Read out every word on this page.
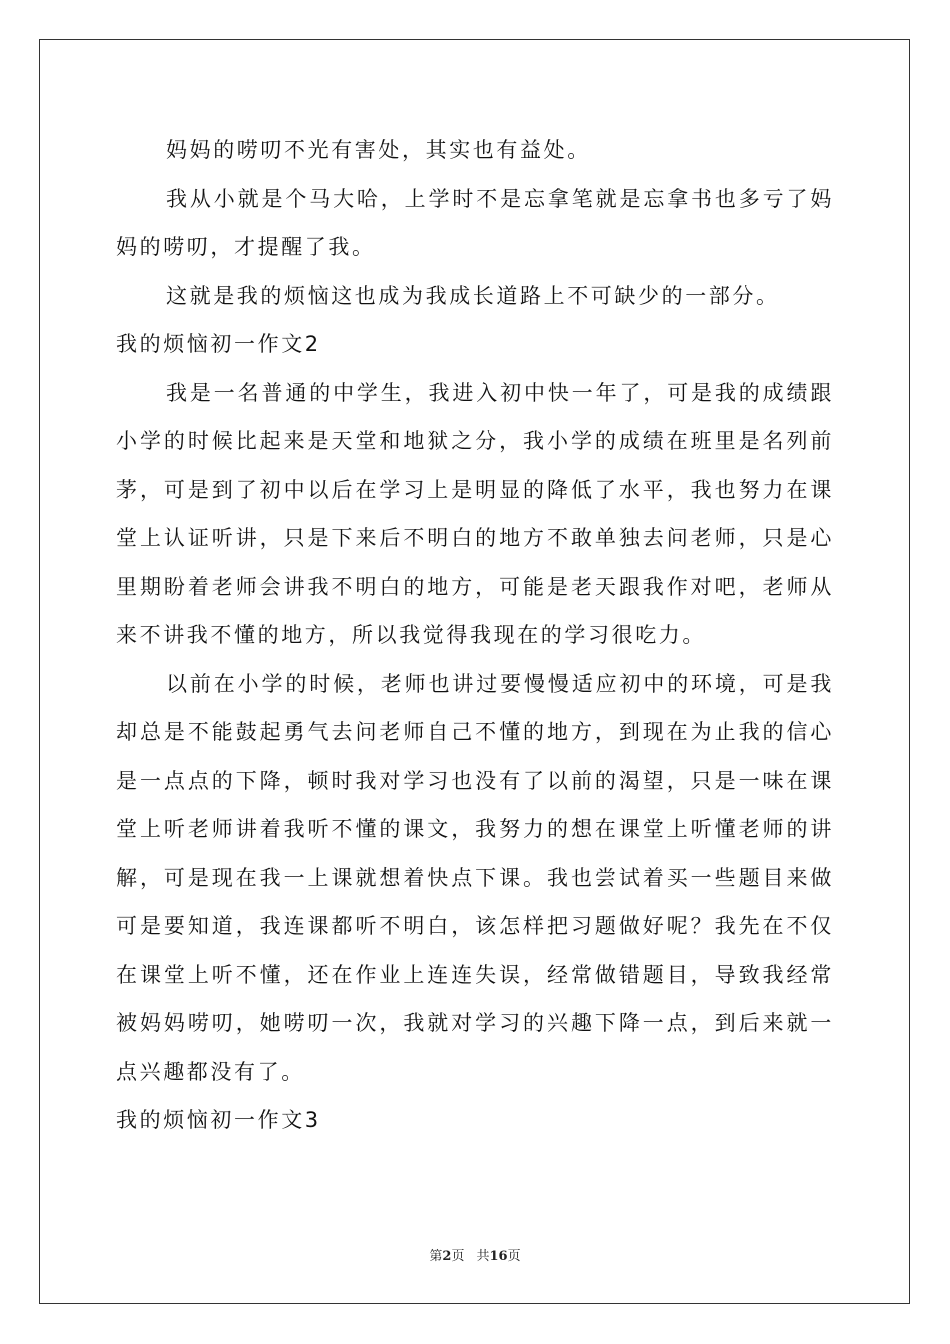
妈妈的唠叨不光有害处，其实也有益处。

我从小就是个马大哈，上学时不是忘拿笔就是忘拿书也多亏了妈妈的唠叨，才提醒了我。

这就是我的烦恼这也成为我成长道路上不可缺少的一部分。

我的烦恼初一作文2

我是一名普通的中学生，我进入初中快一年了，可是我的成绩跟小学的时候比起来是天堂和地狱之分，我小学的成绩在班里是名列前茅，可是到了初中以后在学习上是明显的降低了水平，我也努力在课堂上认证听讲，只是下来后不明白的地方不敢单独去问老师，只是心里期盼着老师会讲我不明白的地方，可能是老天跟我作对吧，老师从来不讲我不懂的地方，所以我觉得我现在的学习很吃力。

以前在小学的时候，老师也讲过要慢慢适应初中的环境，可是我却总是不能鼓起勇气去问老师自己不懂的地方，到现在为止我的信心是一点点的下降，顿时我对学习也没有了以前的渴望，只是一味在课堂上听老师讲着我听不懂的课文，我努力的想在课堂上听懂老师的讲解，可是现在我一上课就想着快点下课。我也尝试着买一些题目来做可是要知道，我连课都听不明白，该怎样把习题做好呢？我先在不仅在课堂上听不懂，还在作业上连连失误，经常做错题目，导致我经常被妈妈唠叨，她唠叨一次，我就对学习的兴趣下降一点，到后来就一点兴趣都没有了。

我的烦恼初一作文3

第2页 共16页
